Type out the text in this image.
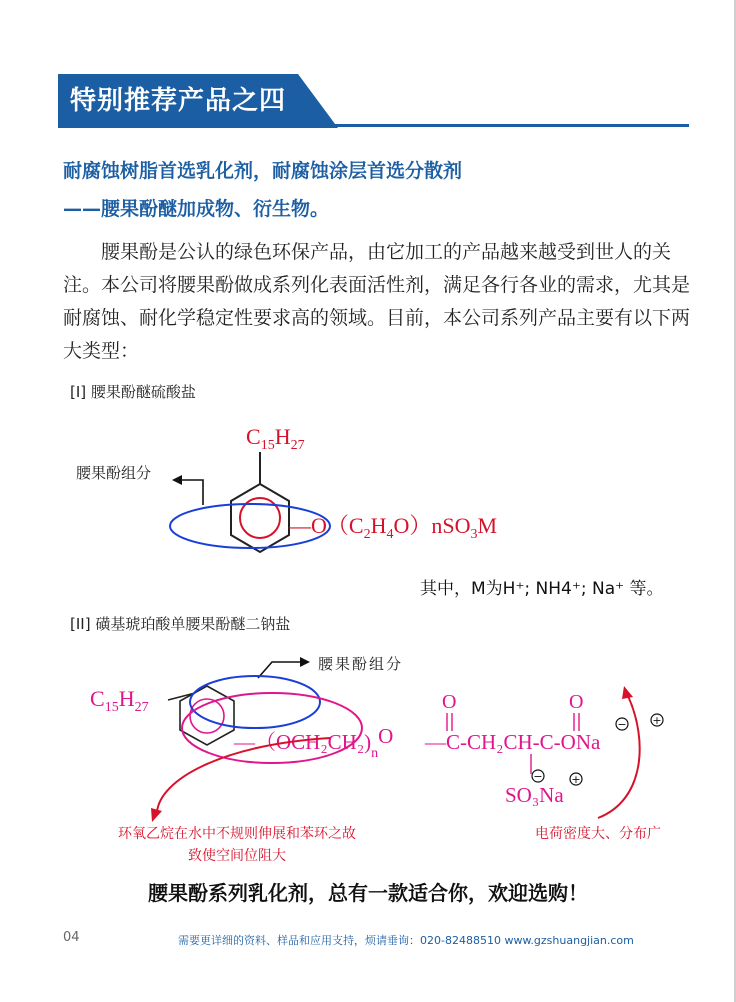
特别推荐产品之四
耐腐蚀树脂首选乳化剂，耐腐蚀涂层首选分散剂
——腰果酚醚加成物、衍生物。
腰果酚是公认的绿色环保产品，由它加工的产品越来越受到世人的关注。本公司将腰果酚做成系列化表面活性剂，满足各行各业的需求，尤其是耐腐蚀、耐化学稳定性要求高的领域。目前，本公司系列产品主要有以下两大类型：
[I] 腰果酚醚硫酸盐
$C_{15}H_{27}$
$—O(C_2H_4O)nSO_3M$
腰果酚组分
其中，M为H⁺; NH4⁺; Na⁺ 等。
[II] 磺基琥珀酸单腰果酚醚二钠盐
$C_{15}H_{27}$
$—(OCH_2CH_2)_nO$ —C-CH₂CH-C-ONa
O	O
SO₃Na
−	+
− +
腰果酚组分
环氧乙烷在水中不规则伸展和苯环之故
致使空间位阻大
电荷密度大、分布广
腰果酚系列乳化剂，总有一款适合你，欢迎选购！
04	需要更详细的资料、样品和应用支持，烦请垂询：020-82488510 www.gzshuangjian.com
